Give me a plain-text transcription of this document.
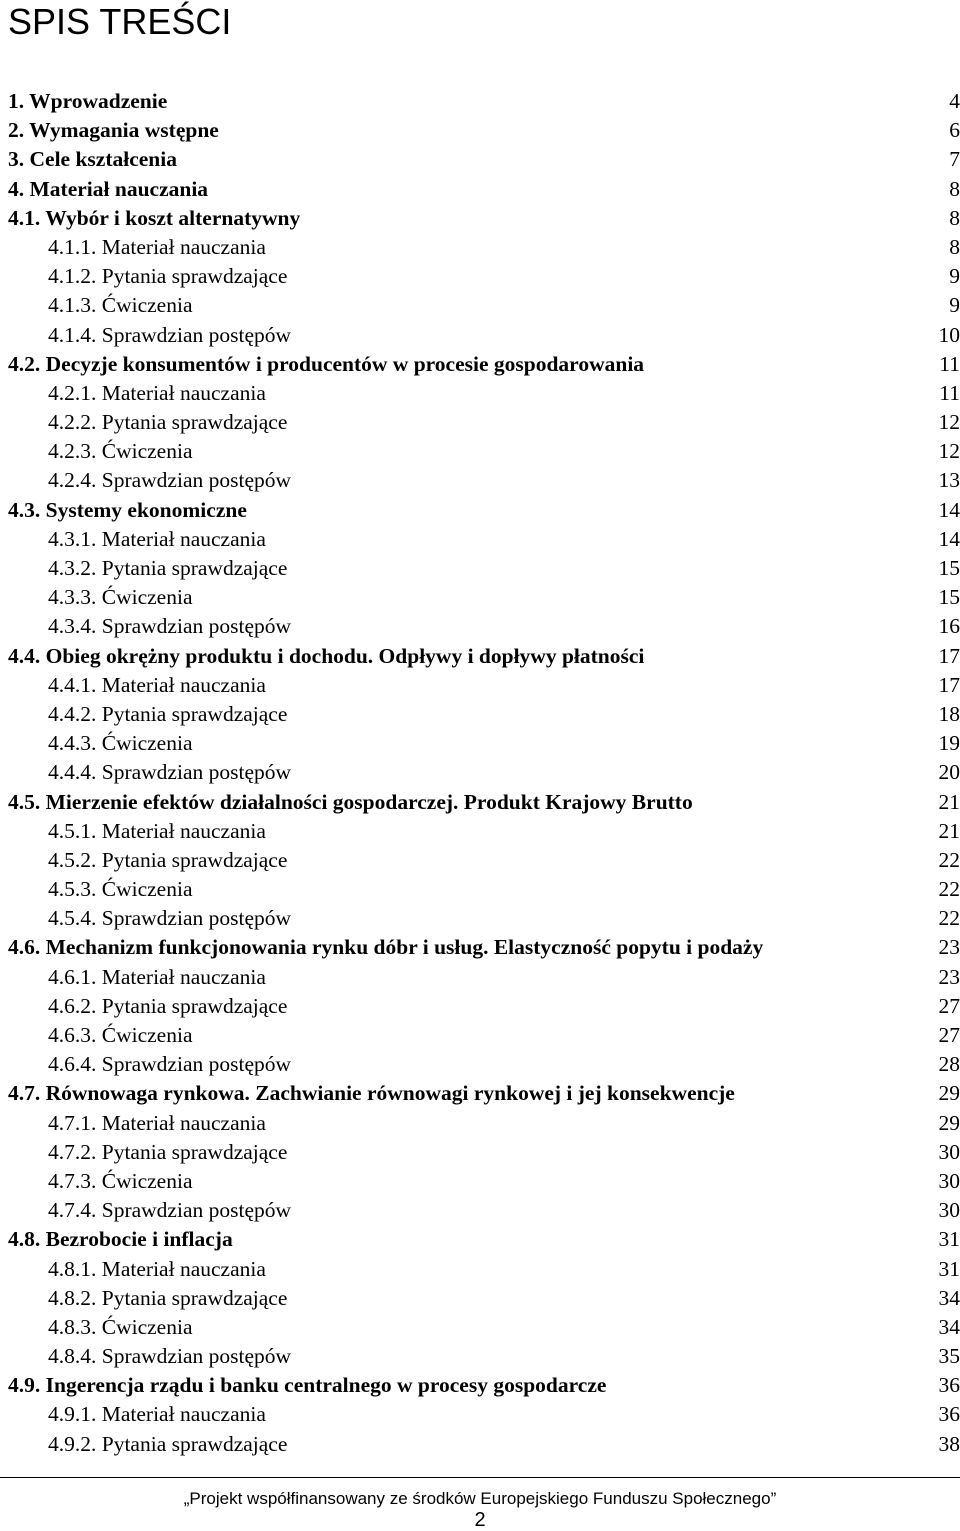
SPIS TREŚCI
1. Wprowadzenie	4
2. Wymagania wstępne	6
3. Cele kształcenia	7
4. Materiał nauczania	8
4.1. Wybór i koszt alternatywny	8
4.1.1. Materiał nauczania	8
4.1.2. Pytania sprawdzające	9
4.1.3. Ćwiczenia	9
4.1.4. Sprawdzian postępów	10
4.2. Decyzje konsumentów i producentów w procesie gospodarowania	11
4.2.1. Materiał nauczania	11
4.2.2. Pytania sprawdzające	12
4.2.3. Ćwiczenia	12
4.2.4. Sprawdzian postępów	13
4.3. Systemy ekonomiczne	14
4.3.1. Materiał nauczania	14
4.3.2. Pytania sprawdzające	15
4.3.3. Ćwiczenia	15
4.3.4. Sprawdzian postępów	16
4.4. Obieg okrężny produktu i dochodu. Odpływy i dopływy płatności	17
4.4.1. Materiał nauczania	17
4.4.2. Pytania sprawdzające	18
4.4.3. Ćwiczenia	19
4.4.4. Sprawdzian postępów	20
4.5. Mierzenie efektów działalności gospodarczej. Produkt Krajowy Brutto	21
4.5.1. Materiał nauczania	21
4.5.2. Pytania sprawdzające	22
4.5.3. Ćwiczenia	22
4.5.4. Sprawdzian postępów	22
4.6. Mechanizm funkcjonowania rynku dóbr i usług. Elastyczność popytu i podaży	23
4.6.1. Materiał nauczania	23
4.6.2. Pytania sprawdzające	27
4.6.3. Ćwiczenia	27
4.6.4. Sprawdzian postępów	28
4.7. Równowaga rynkowa. Zachwianie równowagi rynkowej i jej konsekwencje	29
4.7.1. Materiał nauczania	29
4.7.2. Pytania sprawdzające	30
4.7.3. Ćwiczenia	30
4.7.4. Sprawdzian postępów	30
4.8. Bezrobocie i inflacja	31
4.8.1. Materiał nauczania	31
4.8.2. Pytania sprawdzające	34
4.8.3. Ćwiczenia	34
4.8.4. Sprawdzian postępów	35
4.9. Ingerencja rządu i banku centralnego w procesy gospodarcze	36
4.9.1. Materiał nauczania	36
4.9.2. Pytania sprawdzające	38
„Projekt współfinansowany ze środków Europejskiego Funduszu Społecznego”
2
